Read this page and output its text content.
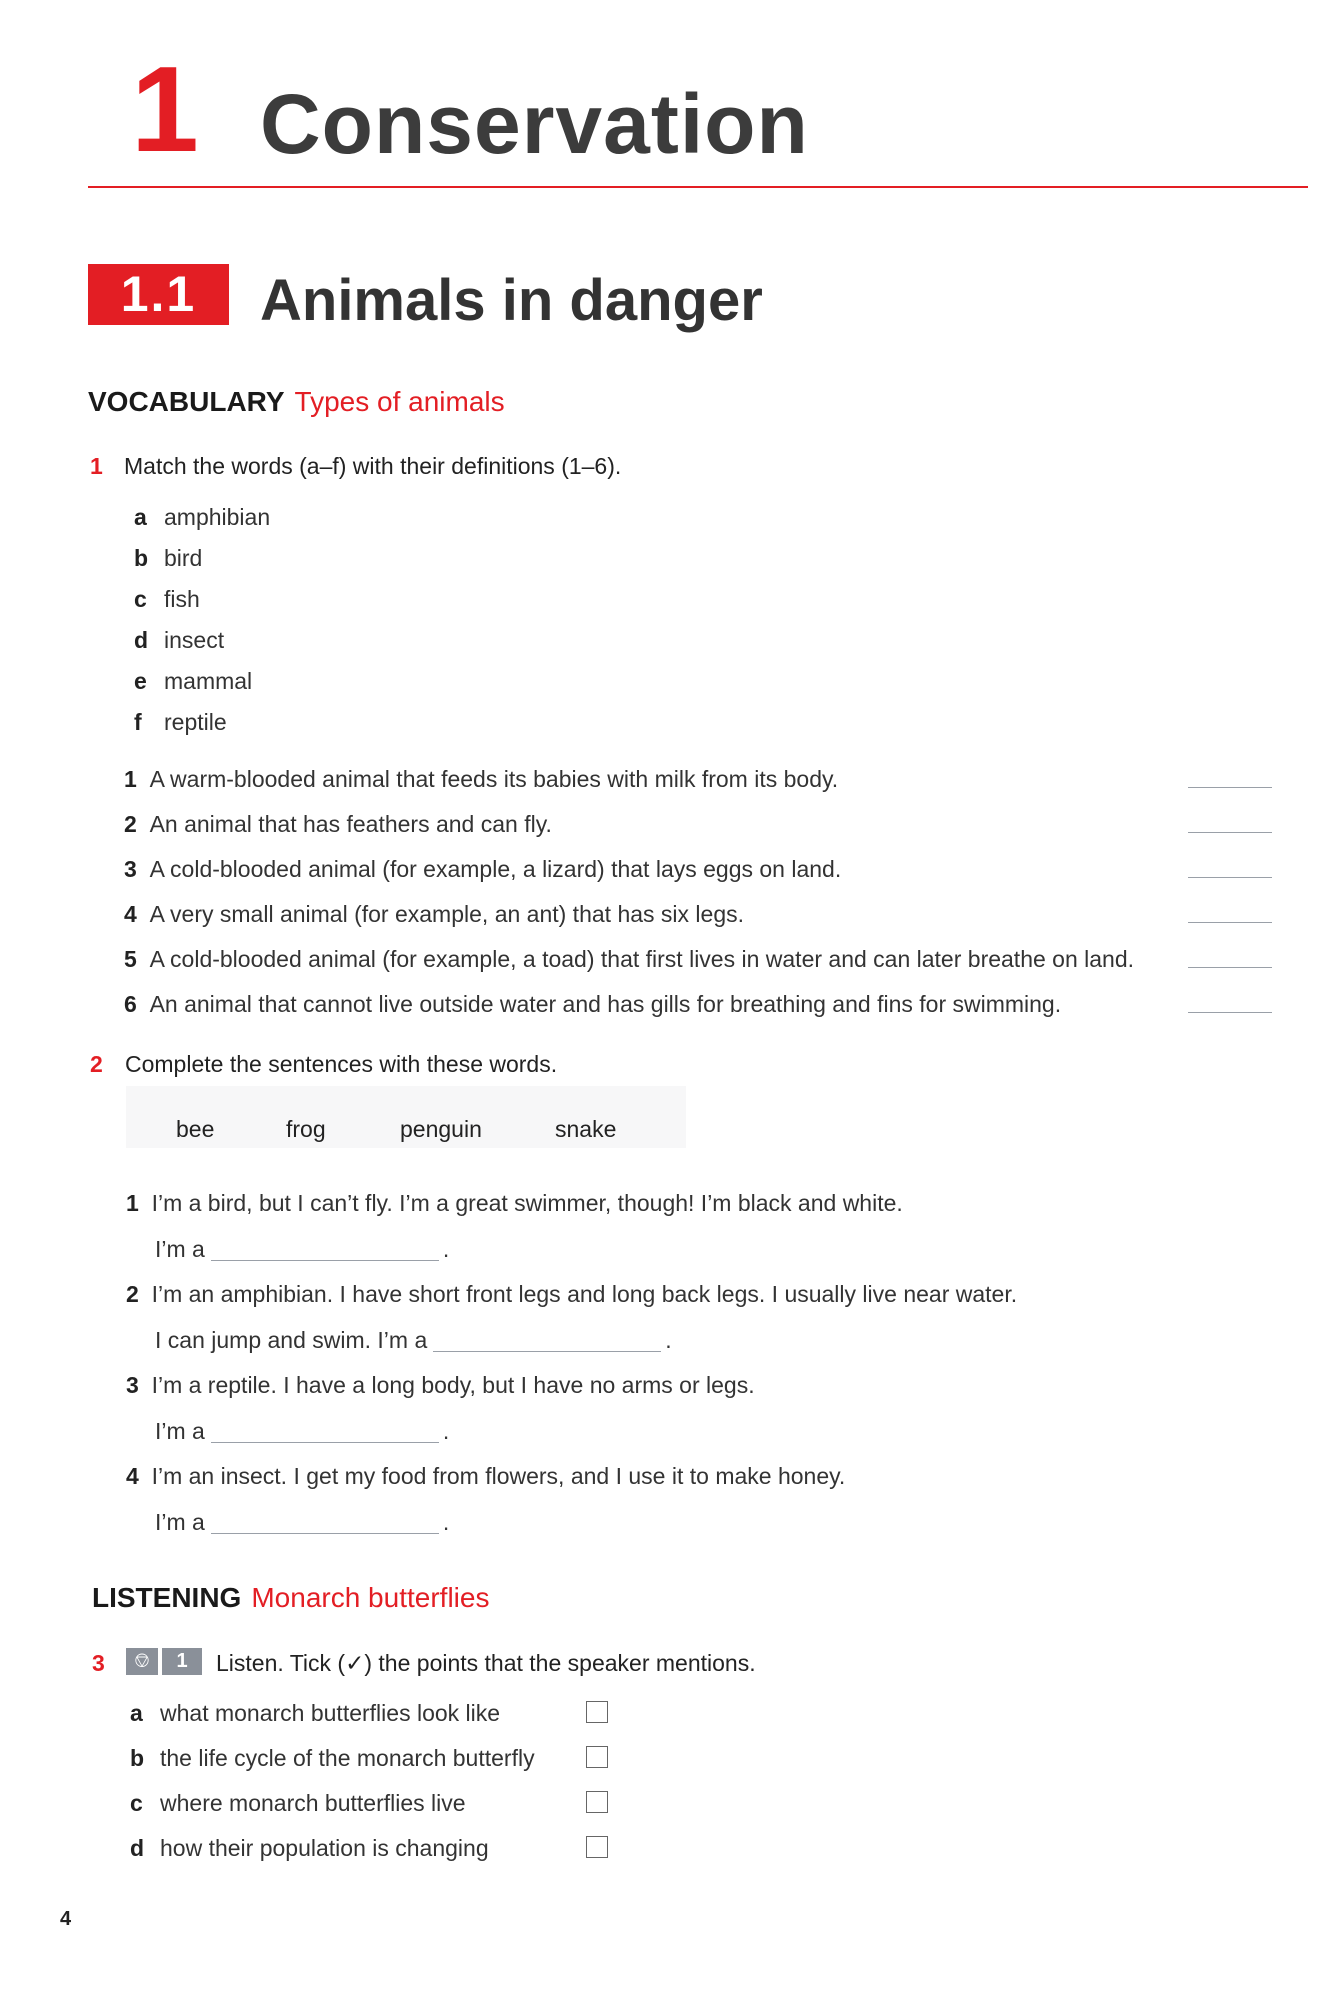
1 Conservation
1.1	Animals in danger
VOCABULARY Types of animals
1 Match the words (a–f) with their definitions (1–6).
a amphibian
b bird
c fish
d insect
e mammal
f reptile
1 A warm-blooded animal that feeds its babies with milk from its body.
2 An animal that has feathers and can fly.
3 A cold-blooded animal (for example, a lizard) that lays eggs on land.
4 A very small animal (for example, an ant) that has six legs.
5 A cold-blooded animal (for example, a toad) that first lives in water and can later breathe on land.
6 An animal that cannot live outside water and has gills for breathing and fins for swimming.
2 Complete the sentences with these words.
bee	frog	penguin	snake
1 I’m a bird, but I can’t fly. I’m a great swimmer, though! I’m black and white.
I’m a	.
2 I’m an amphibian. I have short front legs and long back legs. I usually live near water.
I can jump and swim. I’m a	.
3 I’m a reptile. I have a long body, but I have no arms or legs.
I’m a	.
4 I’m an insect. I get my food from flowers, and I use it to make honey.
I’m a	.
LISTENING Monarch butterflies
3	⎊	1	Listen. Tick (✓) the points that the speaker mentions.
a what monarch butterflies look like
b the life cycle of the monarch butterfly
c where monarch butterflies live
d how their population is changing
4
